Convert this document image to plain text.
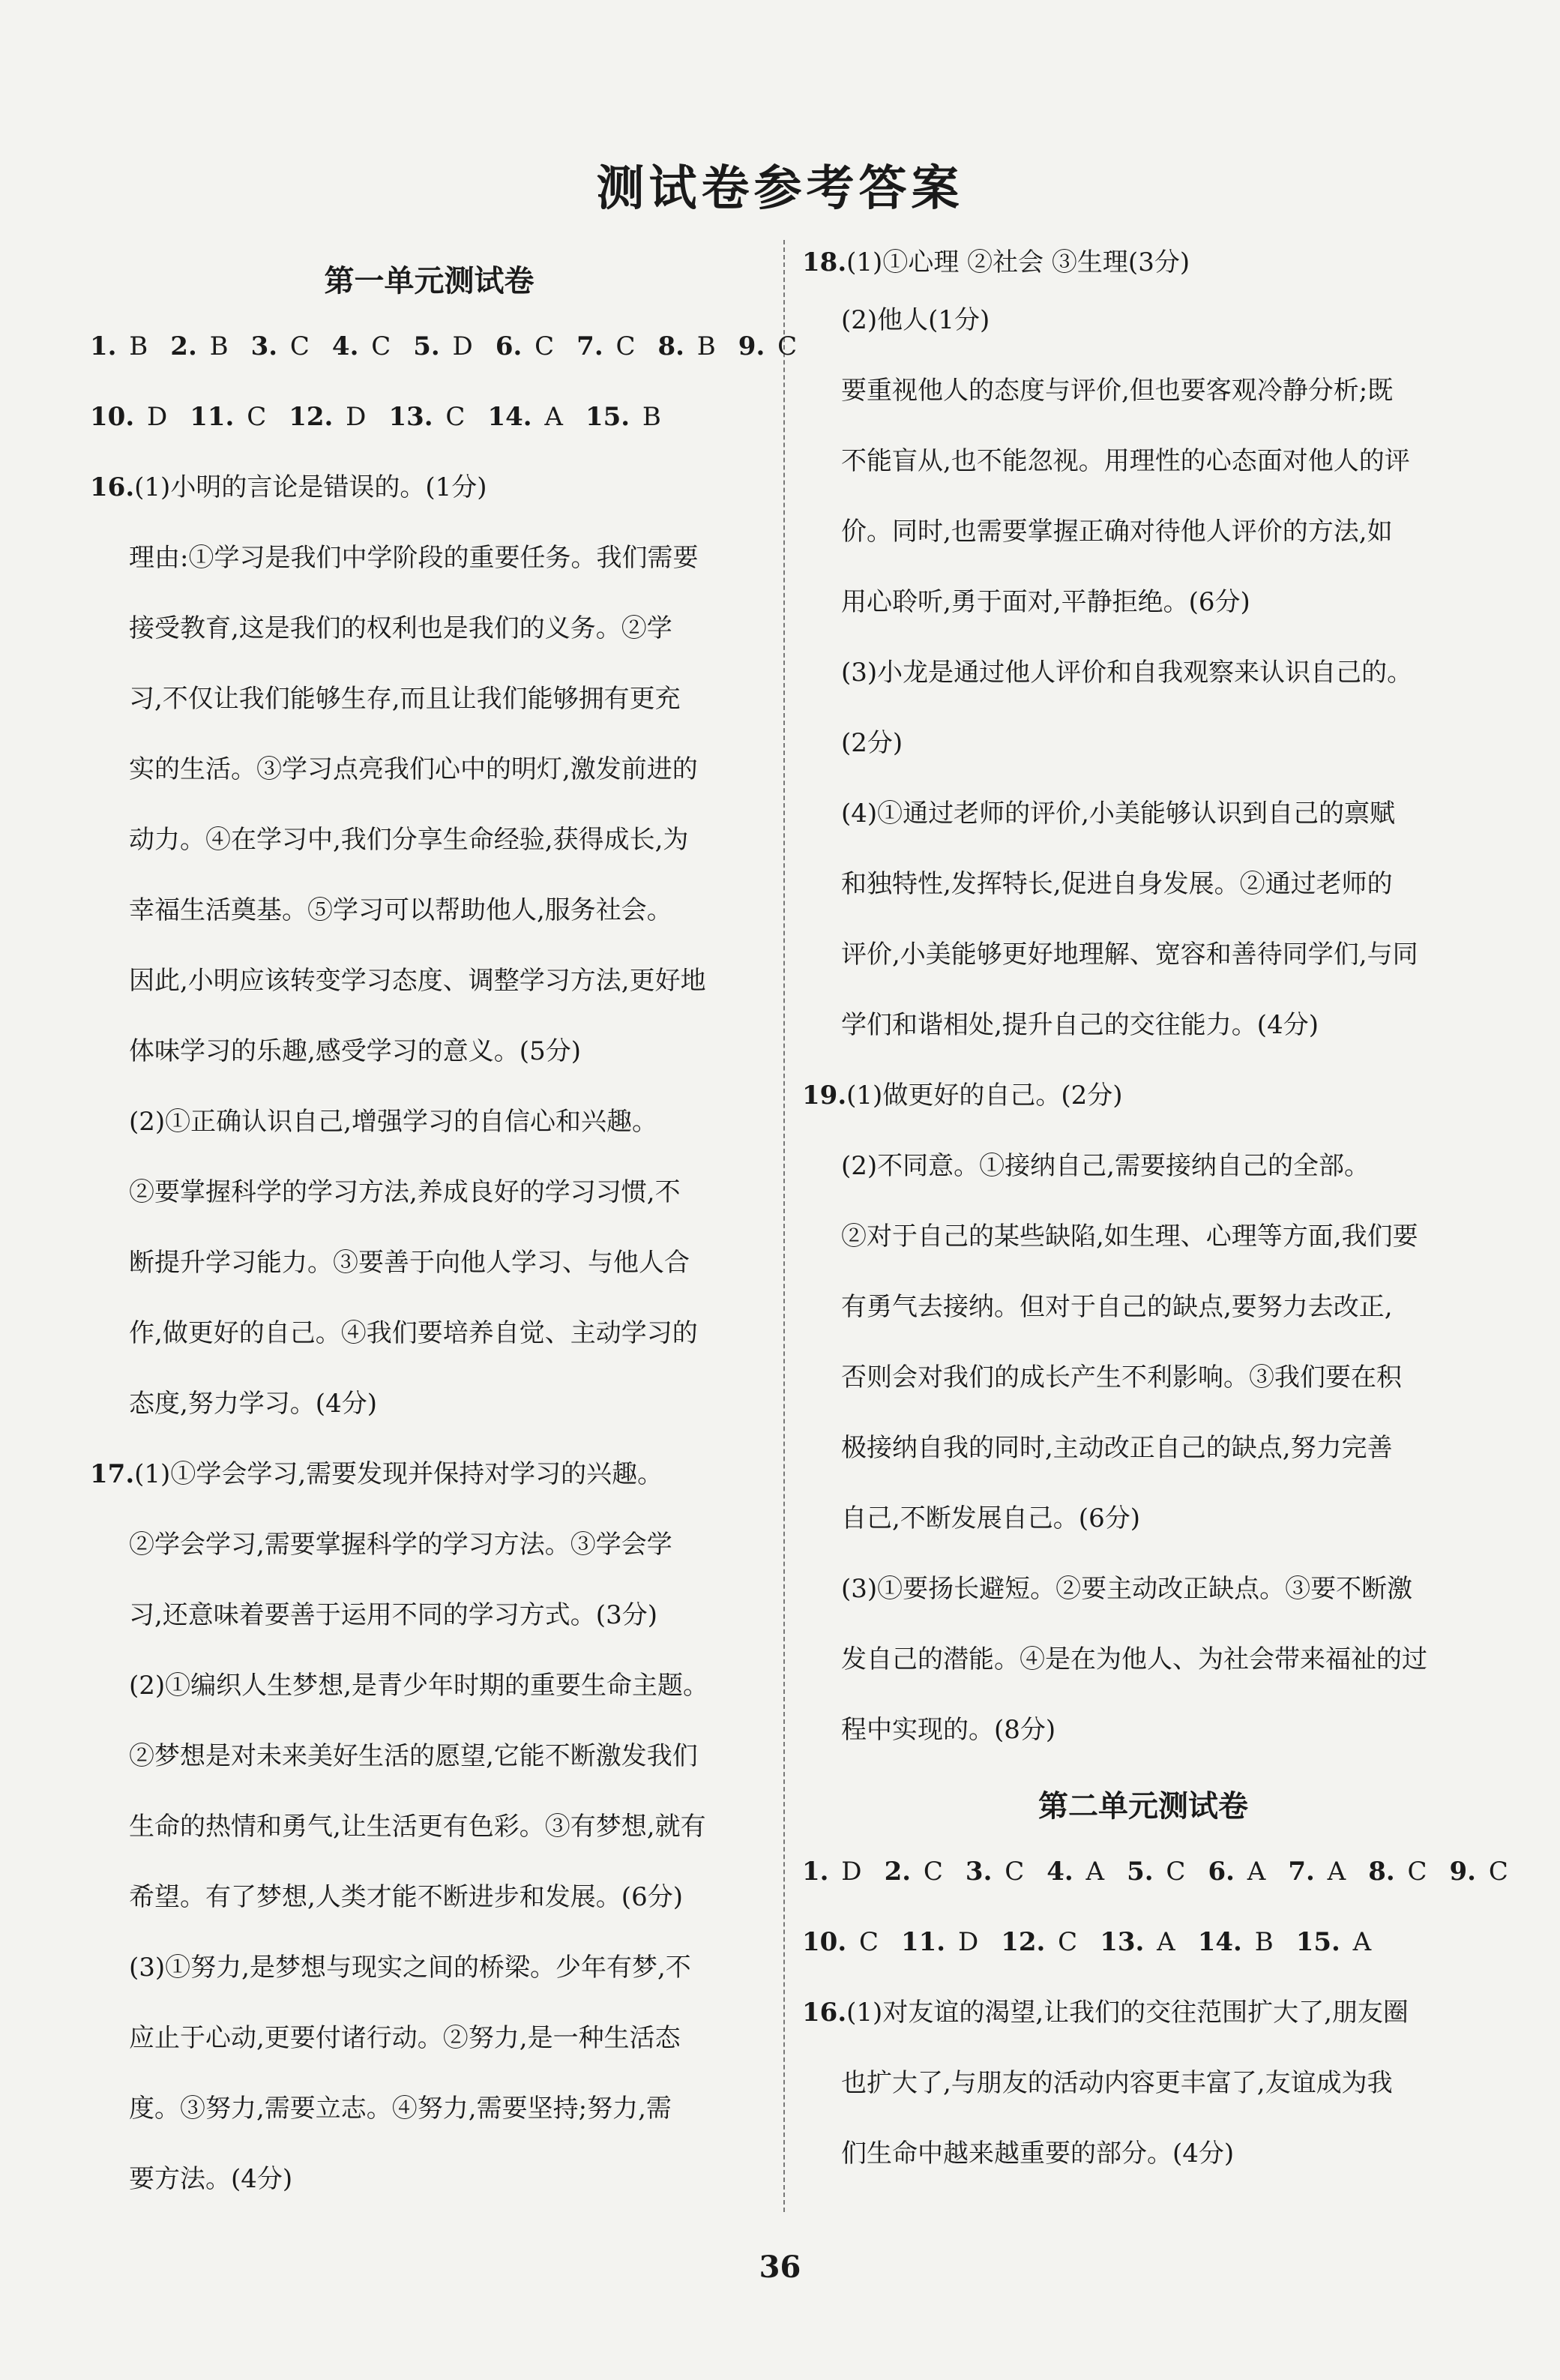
测试卷参考答案
第一单元测试卷
1. B 2. B 3. C 4. C 5. D 6. C 7. C 8. B 9. C
10. D 11. C 12. D 13. C 14. A 15. B
16.(1)小明的言论是错误的。(1分)
理由:①学习是我们中学阶段的重要任务。我们需要
接受教育,这是我们的权利也是我们的义务。②学
习,不仅让我们能够生存,而且让我们能够拥有更充
实的生活。③学习点亮我们心中的明灯,激发前进的
动力。④在学习中,我们分享生命经验,获得成长,为
幸福生活奠基。⑤学习可以帮助他人,服务社会。
因此,小明应该转变学习态度、调整学习方法,更好地
体味学习的乐趣,感受学习的意义。(5分)
(2)①正确认识自己,增强学习的自信心和兴趣。
②要掌握科学的学习方法,养成良好的学习习惯,不
断提升学习能力。③要善于向他人学习、与他人合
作,做更好的自己。④我们要培养自觉、主动学习的
态度,努力学习。(4分)
17.(1)①学会学习,需要发现并保持对学习的兴趣。
②学会学习,需要掌握科学的学习方法。③学会学
习,还意味着要善于运用不同的学习方式。(3分)
(2)①编织人生梦想,是青少年时期的重要生命主题。
②梦想是对未来美好生活的愿望,它能不断激发我们
生命的热情和勇气,让生活更有色彩。③有梦想,就有
希望。有了梦想,人类才能不断进步和发展。(6分)
(3)①努力,是梦想与现实之间的桥梁。少年有梦,不
应止于心动,更要付诸行动。②努力,是一种生活态
度。③努力,需要立志。④努力,需要坚持;努力,需
要方法。(4分)
18.(1)①心理 ②社会 ③生理(3分)
(2)他人(1分)
要重视他人的态度与评价,但也要客观冷静分析;既
不能盲从,也不能忽视。用理性的心态面对他人的评
价。同时,也需要掌握正确对待他人评价的方法,如
用心聆听,勇于面对,平静拒绝。(6分)
(3)小龙是通过他人评价和自我观察来认识自己的。
(2分)
(4)①通过老师的评价,小美能够认识到自己的禀赋
和独特性,发挥特长,促进自身发展。②通过老师的
评价,小美能够更好地理解、宽容和善待同学们,与同
学们和谐相处,提升自己的交往能力。(4分)
19.(1)做更好的自己。(2分)
(2)不同意。①接纳自己,需要接纳自己的全部。
②对于自己的某些缺陷,如生理、心理等方面,我们要
有勇气去接纳。但对于自己的缺点,要努力去改正,
否则会对我们的成长产生不利影响。③我们要在积
极接纳自我的同时,主动改正自己的缺点,努力完善
自己,不断发展自己。(6分)
(3)①要扬长避短。②要主动改正缺点。③要不断激
发自己的潜能。④是在为他人、为社会带来福祉的过
程中实现的。(8分)
第二单元测试卷
1. D 2. C 3. C 4. A 5. C 6. A 7. A 8. C 9. C
10. C 11. D 12. C 13. A 14. B 15. A
16.(1)对友谊的渴望,让我们的交往范围扩大了,朋友圈
也扩大了,与朋友的活动内容更丰富了,友谊成为我
们生命中越来越重要的部分。(4分)
36
